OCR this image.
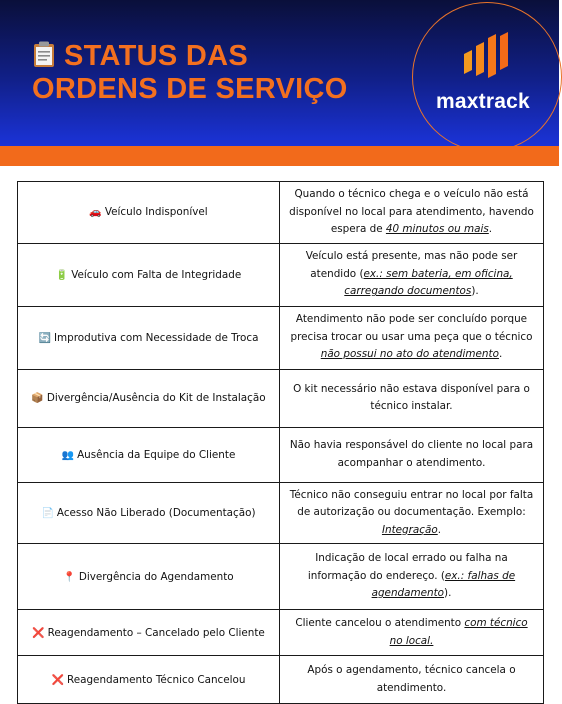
STATUS DAS
ORDENS DE SERVIÇO	maxtrack
🚗 Veículo Indisponível	Quando o técnico chega e o veículo não está disponível no local para atendimento, havendo espera de 40 minutos ou mais.
🔋 Veículo com Falta de Integridade	Veículo está presente, mas não pode ser atendido (ex.: sem bateria, em oficina, carregando documentos).
🔄 Improdutiva com Necessidade de Troca	Atendimento não pode ser concluído porque precisa trocar ou usar uma peça que o técnico não possui no ato do atendimento.
📦 Divergência/Ausência do Kit de Instalação	O kit necessário não estava disponível para o técnico instalar.
👥 Ausência da Equipe do Cliente	Não havia responsável do cliente no local para acompanhar o atendimento.
📄 Acesso Não Liberado (Documentação)	Técnico não conseguiu entrar no local por falta de autorização ou documentação. Exemplo: Integração.
📍 Divergência do Agendamento	Indicação de local errado ou falha na informação do endereço. (ex.: falhas de agendamento).
❌ Reagendamento – Cancelado pelo Cliente	Cliente cancelou o atendimento com técnico no local.
❌ Reagendamento Técnico Cancelou	Após o agendamento, técnico cancela o atendimento.
